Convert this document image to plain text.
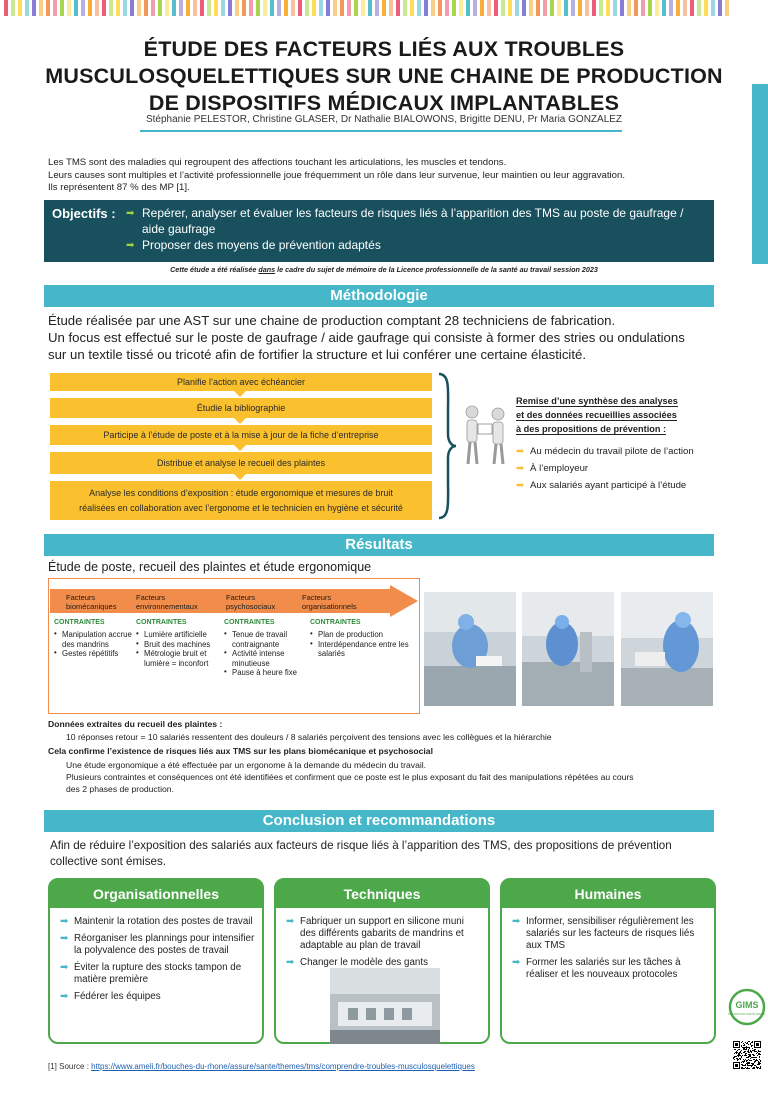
ÉTUDE DES FACTEURS LIÉS AUX TROUBLES
MUSCULOSQUELETTIQUES SUR UNE CHAINE DE PRODUCTION
DE DISPOSITIFS MÉDICAUX IMPLANTABLES
Stéphanie PELESTOR, Christine GLASER, Dr Nathalie BIALOWONS, Brigitte DENU, Pr Maria GONZALEZ
Les TMS sont des maladies qui regroupent des affections touchant les articulations, les muscles et tendons.
Leurs causes sont multiples et l’activité professionnelle joue fréquemment un rôle dans leur survenue, leur maintien ou leur aggravation.
Ils représentent 87 % des MP [1].
Objectifs : ➡ Repérer, analyser et évaluer les facteurs de risques liés à l’apparition des TMS au poste de gaufrage / aide gaufrage
➡ Proposer des moyens de prévention adaptés
Cette étude a été réalisée dans le cadre du sujet de mémoire de la Licence professionnelle de la santé au travail session 2023
Méthodologie
Étude réalisée par une AST sur une chaine de production comptant 28 techniciens de fabrication.
Un focus est effectué sur le poste de gaufrage / aide gaufrage qui consiste à former des stries ou ondulations
sur un textile tissé ou tricoté afin de fortifier la structure et lui conférer une certaine élasticité.
Planifie l’action avec échéancier
Étudie la bibliographie
Participe à l’étude de poste et à la mise à jour de la fiche d’entreprise
Distribue et analyse le recueil des plaintes
Analyse les conditions d’exposition : étude ergonomique et mesures de bruit
réalisées en collaboration avec l’ergonome et le technicien en hygiène et sécurité
Remise d’une synthèse des analyses
et des données recueillies associées
à des propositions de prévention :
➡ Au médecin du travail pilote de l’action
➡ À l’employeur
➡ Aux salariés ayant participé à l’étude
Résultats
Étude de poste, recueil des plaintes et étude ergonomique
Facteurs
biomécaniques
Facteurs
environnementaux
Facteurs
psychosociaux
Facteurs
organisationnels
CONTRAINTES
• Manipulation accrue des mandrins
• Gestes répétitifs
CONTRAINTES
• Lumière artificielle
• Bruit des machines
• Métrologie bruit et lumière = inconfort
CONTRAINTES
• Tenue de travail contraignante
• Activité intense minutieuse
• Pause à heure fixe
CONTRAINTES
• Plan de production
• Interdépendance entre les salariés
Données extraites du recueil des plaintes :
10 réponses retour = 10 salariés ressentent des douleurs / 8 salariés perçoivent des tensions avec les collègues et la hiérarchie
Cela confirme l’existence de risques liés aux TMS sur les plans biomécanique et psychosocial
Une étude ergonomique a été effectuée par un ergonome à la demande du médecin du travail.
Plusieurs contraintes et conséquences ont été identifiées et confirment que ce poste est le plus exposant du fait des manipulations répétées au cours
des 2 phases de production.
Conclusion et recommandations
Afin de réduire l’exposition des salariés aux facteurs de risque liés à l’apparition des TMS, des propositions de prévention
collective sont émises.
Organisationnelles
➡ Maintenir la rotation des postes de travail
➡ Réorganiser les plannings pour intensifier la polyvalence des postes de travail
➡ Éviter la rupture des stocks tampon de matière première
➡ Fédérer les équipes
Techniques
➡ Fabriquer un support en silicone muni des différents gabarits de mandrins et adaptable au plan de travail
➡ Changer le modèle des gants
Humaines
➡ Informer, sensibiliser régulièrement les salariés sur les facteurs de risques liés aux TMS
➡ Former les salariés sur les tâches à réaliser et les nouveaux protocoles
GIMS
PRÉVENTION SANTÉ TRAVAIL
[1] Source : https://www.ameli.fr/bouches-du-rhone/assure/sante/themes/tms/comprendre-troubles-musculosquelettiques
